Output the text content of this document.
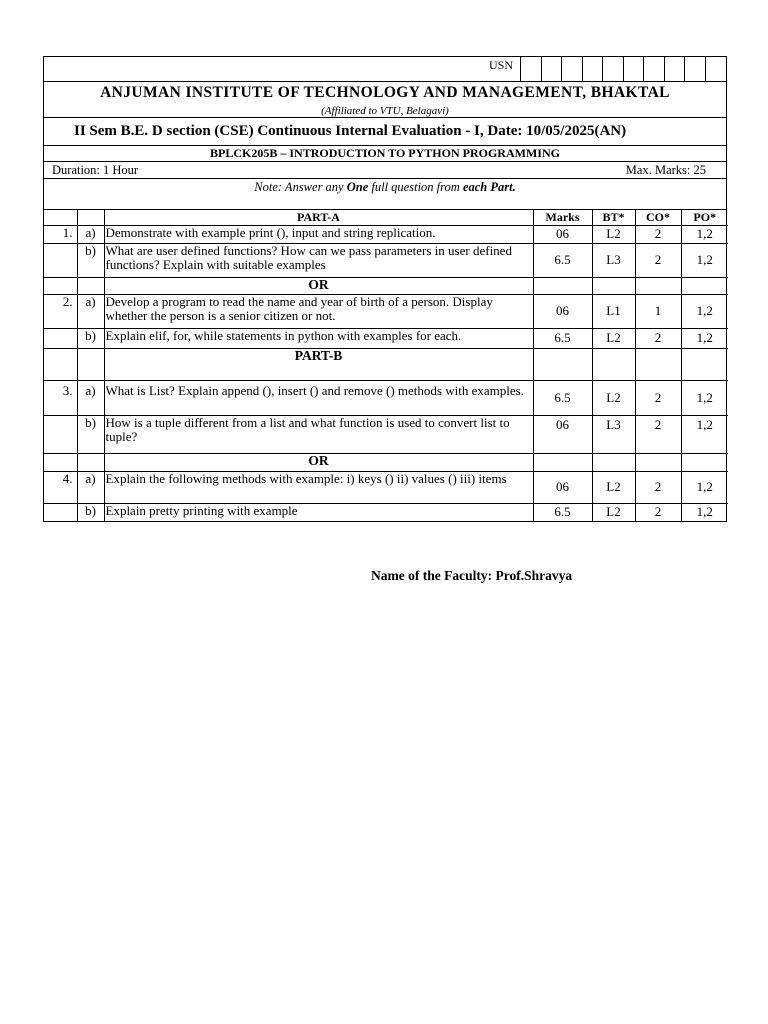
USN
ANJUMAN INSTITUTE OF TECHNOLOGY AND MANAGEMENT, BHAKTAL
(Affiliated to VTU, Belagavi)
II Sem B.E. D section (CSE) Continuous Internal Evaluation - I, Date: 10/05/2025(AN)
BPLCK205B – INTRODUCTION TO PYTHON PROGRAMMING
Duration: 1 Hour	Max. Marks: 25
Note: Answer any One full question from each Part.
		PART-A	Marks	BT*	CO*	PO*
1.	a)	Demonstrate with example print (), input and string replication.	06	L2	2	1,2
	b)	What are user defined functions? How can we pass parameters in user defined functions? Explain with suitable examples	6.5	L3	2	1,2
		OR				
2.	a)	Develop a program to read the name and year of birth of a person. Display whether the person is a senior citizen or not.	06	L1	1	1,2
	b)	Explain elif, for, while statements in python with examples for each.	6.5	L2	2	1,2
		PART-B				
3.	a)	What is List? Explain append (), insert () and remove () methods with examples.	6.5	L2	2	1,2
	b)	How is a tuple different from a list and what function is used to convert list to tuple?	06	L3	2	1,2
		OR				
4.	a)	Explain the following methods with example: i) keys () ii) values () iii) items	06	L2	2	1,2
	b)	Explain pretty printing with example	6.5	L2	2	1,2
Name of the Faculty: Prof.Shravya
